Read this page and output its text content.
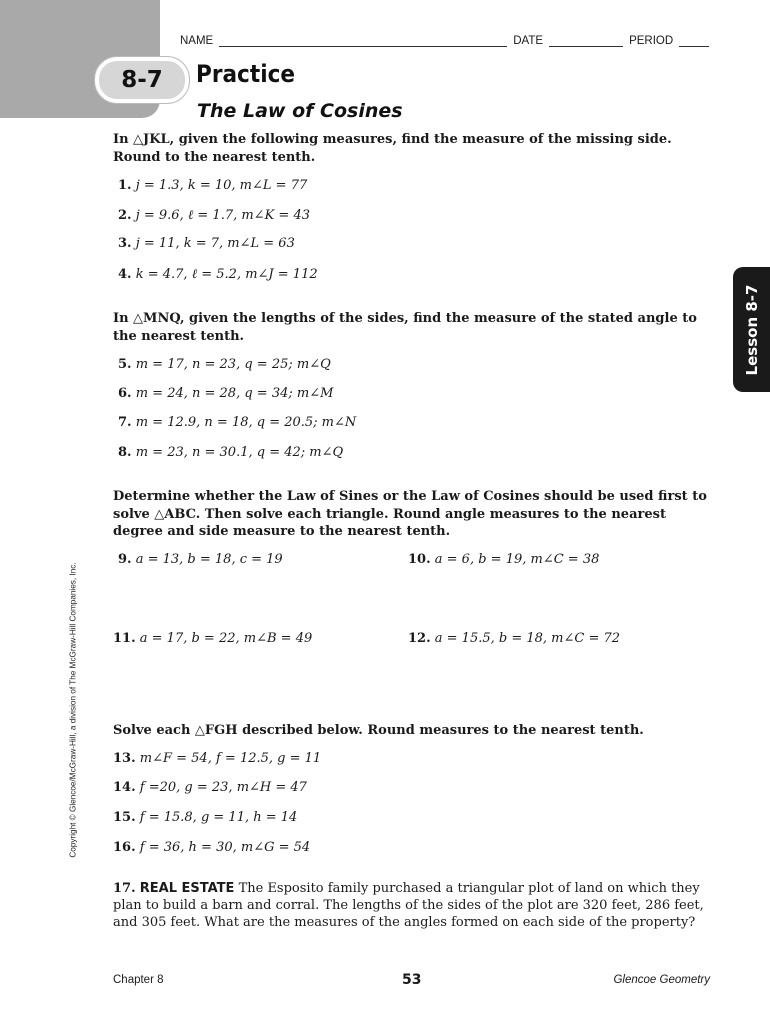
NAME	DATE	PERIOD
8-7	Practice
The Law of Cosines
Lesson 8-7
Copyright © Glencoe/McGraw-Hill, a division of The McGraw-Hill Companies, Inc.
In △JKL, given the following measures, find the measure of the missing side. Round to the nearest tenth.
1. j = 1.3, k = 10, m∠L = 77
2. j = 9.6, ℓ = 1.7, m∠K = 43
3. j = 11, k = 7, m∠L = 63
4. k = 4.7, ℓ = 5.2, m∠J = 112
In △MNQ, given the lengths of the sides, find the measure of the stated angle to the nearest tenth.
5. m = 17, n = 23, q = 25; m∠Q
6. m = 24, n = 28, q = 34; m∠M
7. m = 12.9, n = 18, q = 20.5; m∠N
8. m = 23, n = 30.1, q = 42; m∠Q
Determine whether the Law of Sines or the Law of Cosines should be used first to solve △ABC. Then solve each triangle. Round angle measures to the nearest degree and side measure to the nearest tenth.
9. a = 13, b = 18, c = 19	10. a = 6, b = 19, m∠C = 38
11. a = 17, b = 22, m∠B = 49	12. a = 15.5, b = 18, m∠C = 72
Solve each △FGH described below. Round measures to the nearest tenth.
13. m∠F = 54, f = 12.5, g = 11
14. f =20, g = 23, m∠H = 47
15. f = 15.8, g = 11, h = 14
16. f = 36, h = 30, m∠G = 54
17. REAL ESTATE The Esposito family purchased a triangular plot of land on which they plan to build a barn and corral. The lengths of the sides of the plot are 320 feet, 286 feet, and 305 feet. What are the measures of the angles formed on each side of the property?
Chapter 8	53	Glencoe Geometry
